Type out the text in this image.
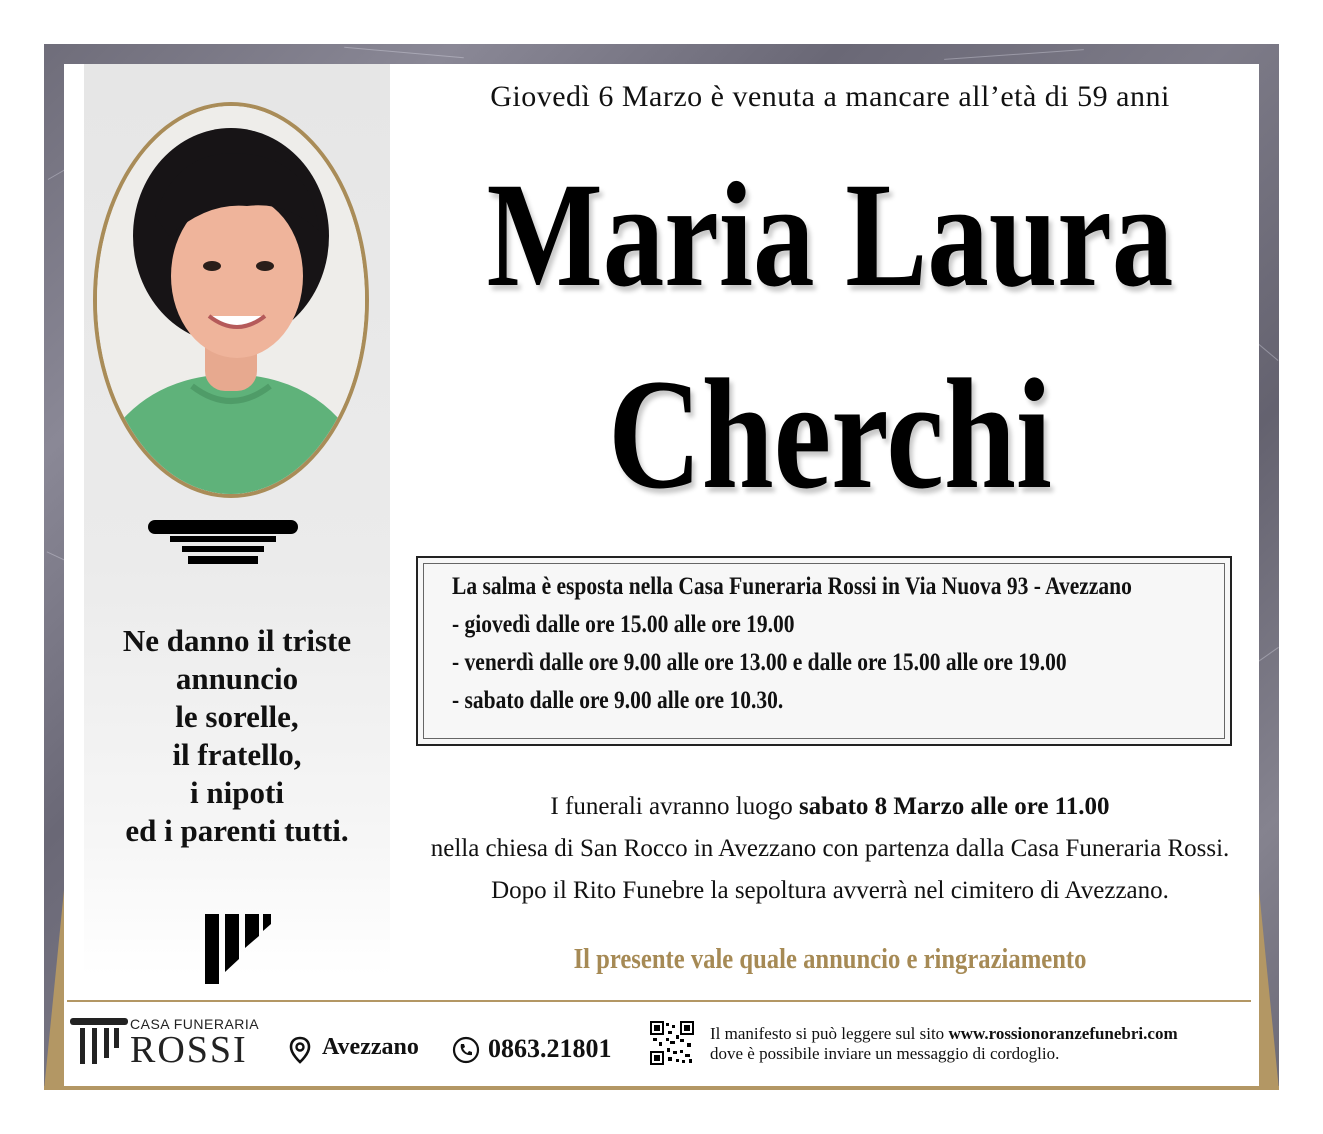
Ne danno il triste
annuncio
le sorelle,
il fratello,
i nipoti
ed i parenti tutti.
Giovedì 6 Marzo è venuta a mancare all’età di 59 anni
Maria Laura
Cherchi
La salma è esposta nella Casa Funeraria Rossi in Via Nuova 93 - Avezzano
- giovedì dalle ore 15.00 alle ore 19.00
- venerdì dalle ore 9.00 alle ore 13.00 e dalle ore 15.00 alle ore 19.00
- sabato dalle ore 9.00 alle ore 10.30.
I funerali avranno luogo sabato 8 Marzo alle ore 11.00
nella chiesa di San Rocco in Avezzano con partenza dalla Casa Funeraria Rossi.
Dopo il Rito Funebre la sepoltura avverrà nel cimitero di Avezzano.
Il presente vale quale annuncio e ringraziamento
CASA FUNERARIA
ROSSI	Avezzano	0863.21801
Il manifesto si può leggere sul sito www.rossionoranzefunebri.com
dove è possibile inviare un messaggio di cordoglio.
